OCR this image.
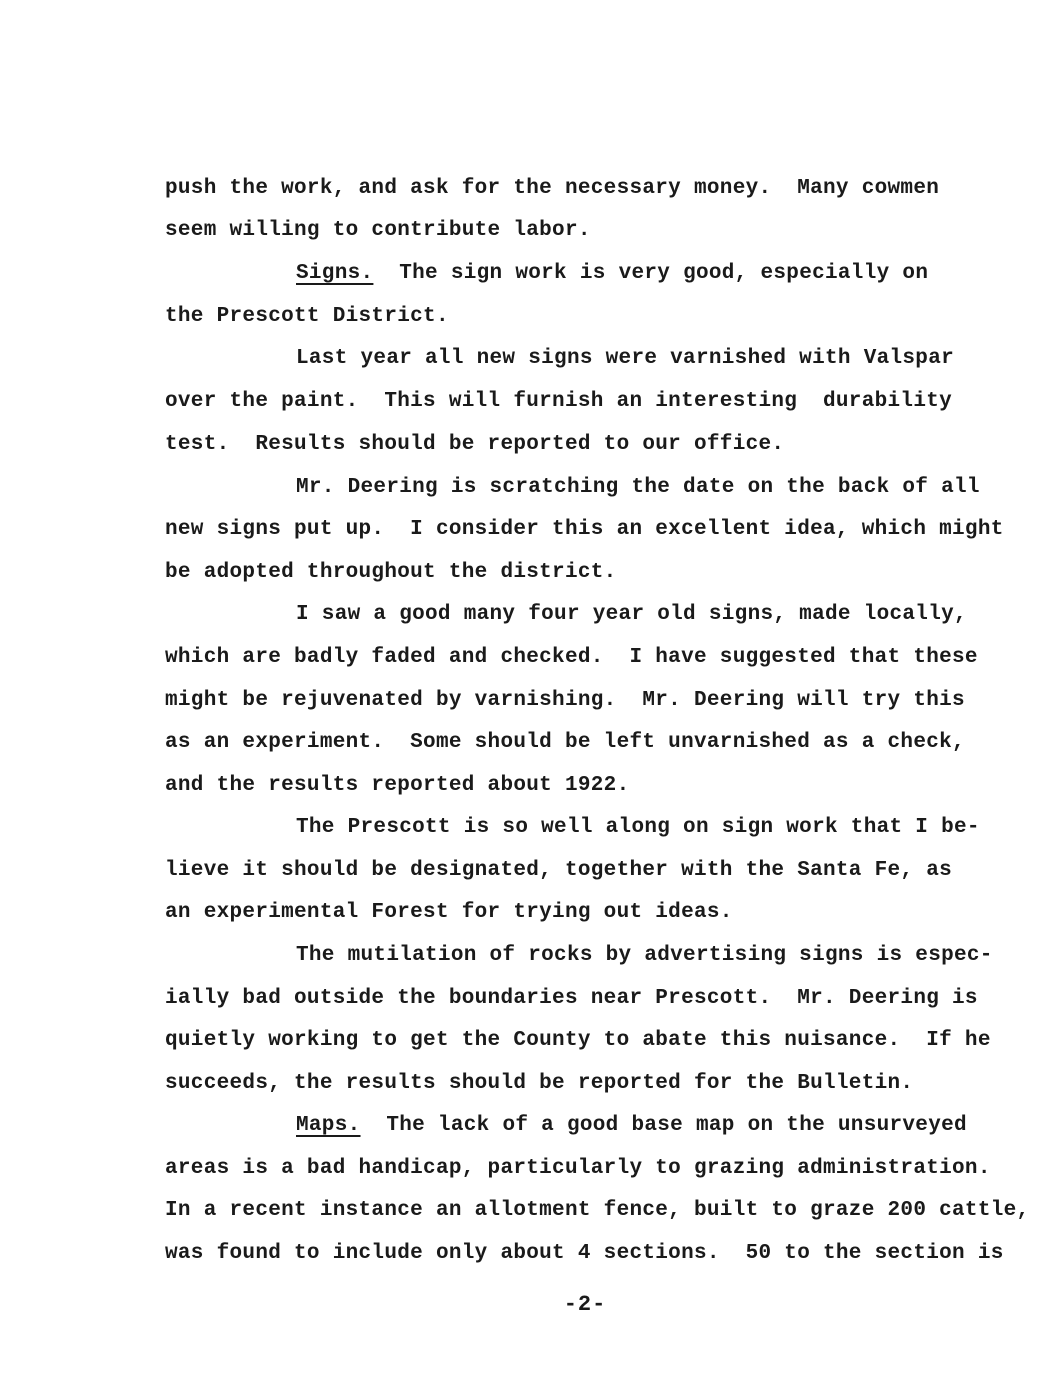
push the work, and ask for the necessary money.  Many cowmen
seem willing to contribute labor.
Signs. The sign work is very good, especially on
the Prescott District.
Last year all new signs were varnished with Valspar
over the paint.  This will furnish an interesting  durability
test.  Results should be reported to our office.
Mr. Deering is scratching the date on the back of all
new signs put up.  I consider this an excellent idea, which might
be adopted throughout the district.
I saw a good many four year old signs, made locally,
which are badly faded and checked.  I have suggested that these
might be rejuvenated by varnishing.  Mr. Deering will try this
as an experiment.  Some should be left unvarnished as a check,
and the results reported about 1922.
The Prescott is so well along on sign work that I be-
lieve it should be designated, together with the Santa Fe, as
an experimental Forest for trying out ideas.
The mutilation of rocks by advertising signs is espec-
ially bad outside the boundaries near Prescott.  Mr. Deering is
quietly working to get the County to abate this nuisance.  If he
succeeds, the results should be reported for the Bulletin.
Maps. The lack of a good base map on the unsurveyed
areas is a bad handicap, particularly to grazing administration.
In a recent instance an allotment fence, built to graze 200 cattle,
was found to include only about 4 sections.  50 to the section is
-2-
